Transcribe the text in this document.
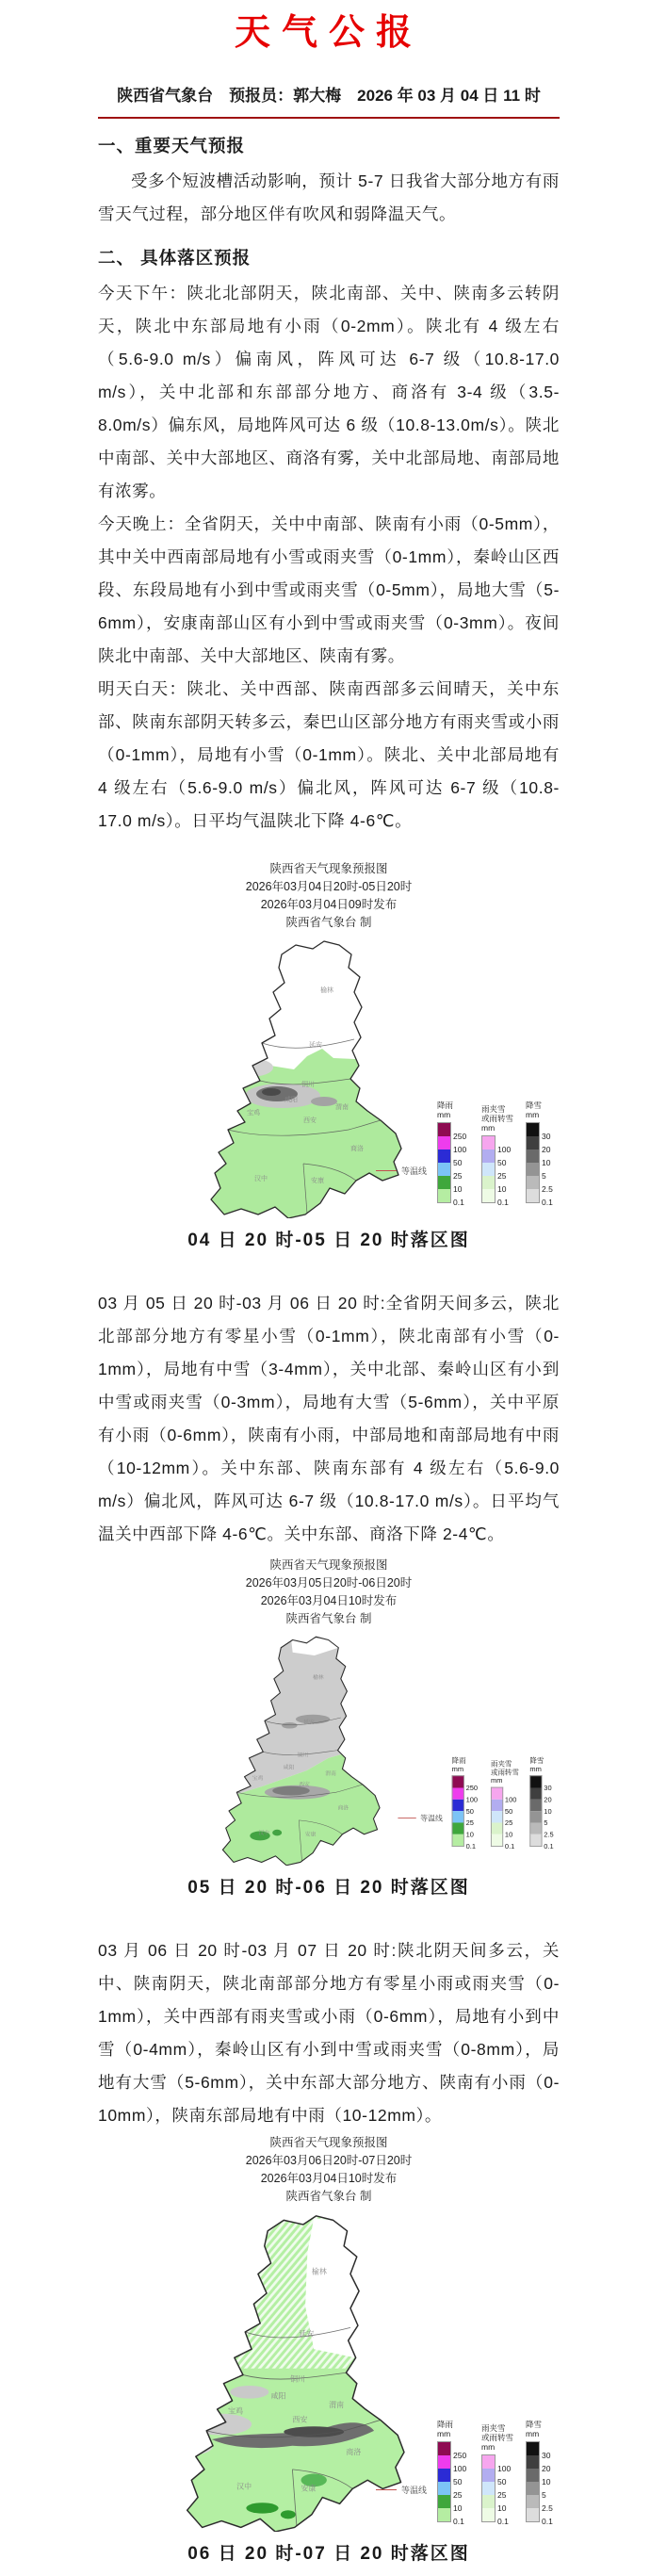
天气公报
陕西省气象台　预报员：郭大梅　2026 年 03 月 04 日 11 时
一、重要天气预报

受多个短波槽活动影响，预计 5-7 日我省大部分地方有雨雪天气过程，部分地区伴有吹风和弱降温天气。

二、 具体落区预报

今天下午：陕北北部阴天，陕北南部、关中、陕南多云转阴天，陕北中东部局地有小雨（0-2mm）。陕北有 4 级左右（5.6-9.0 m/s）偏南风，阵风可达 6-7 级（10.8-17.0 m/s），关中北部和东部部分地方、商洛有 3-4 级（3.5-8.0m/s）偏东风，局地阵风可达 6 级（10.8-13.0m/s）。陕北中南部、关中大部地区、商洛有雾，关中北部局地、南部局地有浓雾。

今天晚上：全省阴天，关中中南部、陕南有小雨（0-5mm），其中关中西南部局地有小雪或雨夹雪（0-1mm），秦岭山区西段、东段局地有小到中雪或雨夹雪（0-5mm），局地大雪（5-6mm），安康南部山区有小到中雪或雨夹雪（0-3mm）。夜间陕北中南部、关中大部地区、陕南有雾。

明天白天：陕北、关中西部、陕南西部多云间晴天，关中东部、陕南东部阴天转多云，秦巴山区部分地方有雨夹雪或小雨（0-1mm），局地有小雪（0-1mm）。陕北、关中北部局地有 4 级左右（5.6-9.0 m/s）偏北风，阵风可达 6-7 级（10.8-17.0 m/s）。日平均气温陕北下降 4-6℃。

陕西省天气现象预报图
2026年03月04日20时-05日20时
2026年03月04日09时发布
陕西省气象台 制
榆林
延安
铜川
渭南
咸阳
宝鸡
西安
商洛
安康
汉中
等温线
降雨
mm
250
100
50
25
10
0.1
雨夹雪
或雨转雪
mm
100
50
25
10
0.1
降雪
mm
30
20
10
5
2.5
0.1
04 日 20 时-05 日 20 时落区图

03 月 05 日 20 时-03 月 06 日 20 时:全省阴天间多云，陕北北部部分地方有零星小雪（0-1mm），陕北南部有小雪（0-1mm），局地有中雪（3-4mm），关中北部、秦岭山区有小到中雪或雨夹雪（0-3mm），局地有大雪（5-6mm），关中平原有小雨（0-6mm），陕南有小雨，中部局地和南部局地有中雨（10-12mm）。关中东部、陕南东部有 4 级左右（5.6-9.0 m/s）偏北风，阵风可达 6-7 级（10.8-17.0 m/s）。日平均气温关中西部下降 4-6℃。关中东部、商洛下降 2-4℃。

陕西省天气现象预报图
2026年03月05日20时-06日20时
2026年03月04日10时发布
陕西省气象台 制
榆林
延安
铜川
渭南
咸阳
宝鸡
西安
商洛
安康
汉中
等温线
降雨
mm
250
100
50
25
10
0.1
雨夹雪
或雨转雪
mm
100
50
25
10
0.1
降雪
mm
30
20
10
5
2.5
0.1
05 日 20 时-06 日 20 时落区图

03 月 06 日 20 时-03 月 07 日 20 时:陕北阴天间多云，关中、陕南阴天，陕北南部部分地方有零星小雨或雨夹雪（0-1mm），关中西部有雨夹雪或小雨（0-6mm），局地有小到中雪（0-4mm），秦岭山区有小到中雪或雨夹雪（0-8mm），局地有大雪（5-6mm），关中东部大部分地方、陕南有小雨（0-10mm），陕南东部局地有中雨（10-12mm）。

陕西省天气现象预报图
2026年03月06日20时-07日20时
2026年03月04日10时发布
陕西省气象台 制
榆林
延安
铜川
渭南
咸阳
宝鸡
西安
商洛
安康
汉中	等温线
降雨
mm
250
100
50
25
10
0.1
雨夹雪
或雨转雪
mm
100
50
25
10
0.1
降雪
mm
30
20
10
5
2.5
0.1
06 日 20 时-07 日 20 时落区图
